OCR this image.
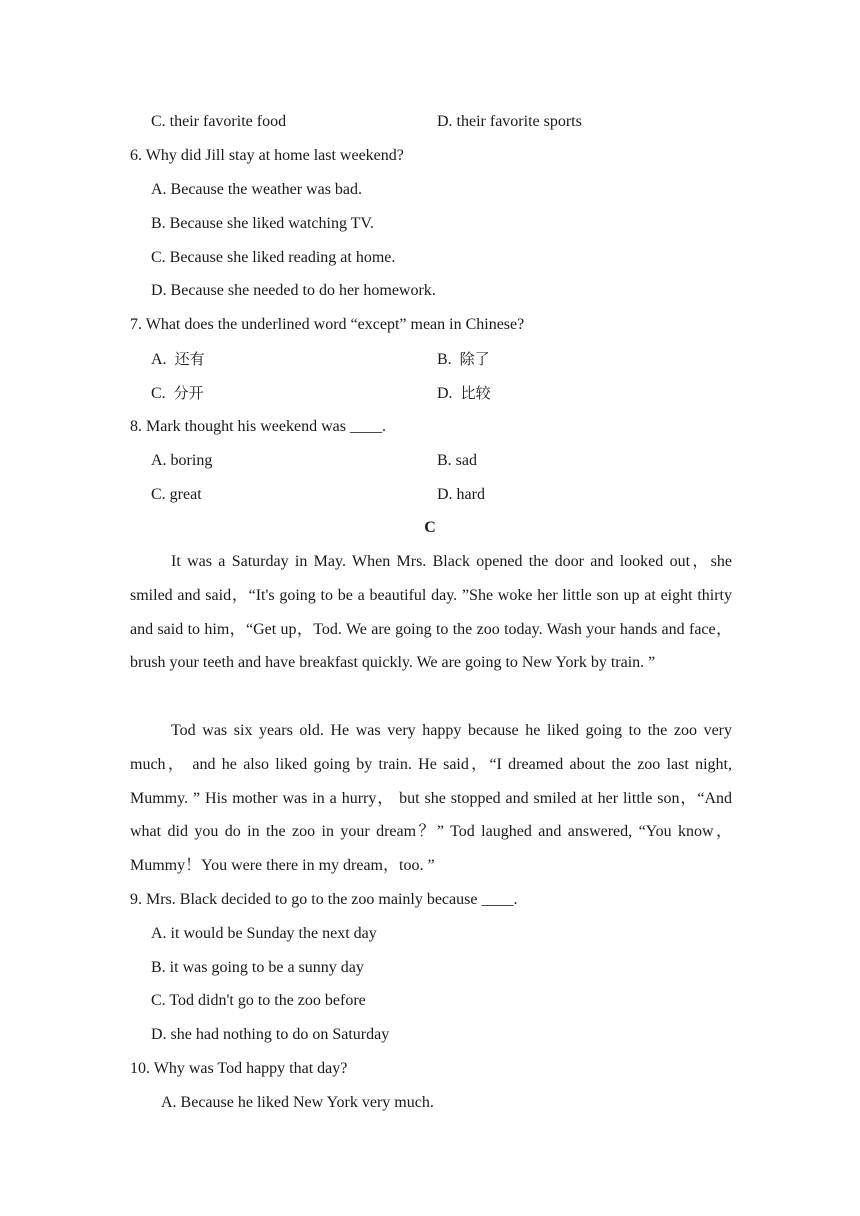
C. their favorite food	D. their favorite sports
6. Why did Jill stay at home last weekend?
A. Because the weather was bad.
B. Because she liked watching TV.
C. Because she liked reading at home.
D. Because she needed to do her homework.
7. What does the underlined word “except” mean in Chinese?
A. 还有	B. 除了
C. 分开	D. 比较
8. Mark thought his weekend was ____.
A. boring	B. sad
C. great	D. hard
C
It was a Saturday in May. When Mrs. Black opened the door and looked out，she smiled and said，“It's going to be a beautiful day. ”She woke her little son up at eight thirty and said to him，“Get up，Tod. We are going to the zoo today. Wash your hands and face， brush your teeth and have breakfast quickly. We are going to New York by train. ”
Tod was six years old. He was very happy because he liked going to the zoo very much， and he also liked going by train. He said，“I dreamed about the zoo last night, Mummy. ” His mother was in a hurry， but she stopped and smiled at her little son，“And what did you do in the zoo in your dream？” Tod laughed and answered, “You know，Mummy！You were there in my dream，too. ”
9. Mrs. Black decided to go to the zoo mainly because ____.
A. it would be Sunday the next day
B. it was going to be a sunny day
C. Tod didn't go to the zoo before
D. she had nothing to do on Saturday
10. Why was Tod happy that day?
A. Because he liked New York very much.
